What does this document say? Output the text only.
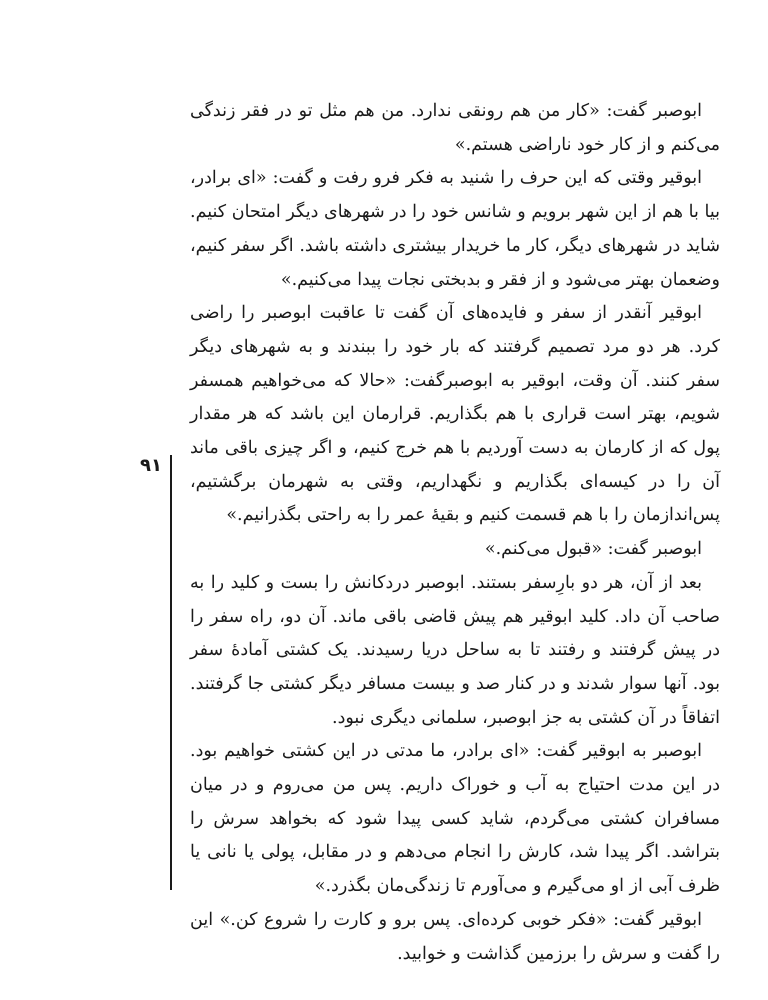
ابوصبر گفت: «کار من هم رونقی ندارد. من هم مثل تو در فقر زندگی می‌کنم و از کار خود ناراضی هستم.»

ابوقیر وقتی که این حرف را شنید به فکر فرو رفت و گفت: «ای برادر، بیا با هم از این شهر برویم و شانس خود را در شهرهای دیگر امتحان کنیم. شاید در شهرهای دیگر، کار ما خریدار بیشتری داشته باشد. اگر سفر کنیم، وضعمان بهتر می‌شود و از فقر و بدبختی نجات پیدا می‌کنیم.»

ابوقیر آنقدر از سفر و فایده‌های آن گفت تا عاقبت ابوصبر را راضی کرد. هر دو مرد تصمیم گرفتند که بار خود را ببندند و به شهرهای دیگر سفر کنند. آن وقت، ابوقیر به ابوصبرگفت: «حالا که می‌خواهیم همسفر شویم، بهتر است قراری با هم بگذاریم. قرارمان این باشد که هر مقدار پول که از کارمان به دست آوردیم با هم خرج کنیم، و اگر چیزی باقی ماند آن را در کیسه‌ای بگذاریم و نگهداریم، وقتی به شهرمان برگشتیم، پس‌اندازمان را با هم قسمت کنیم و بقیهٔ عمر را به راحتی بگذرانیم.»

ابوصبر گفت: «قبول می‌کنم.»

بعد از آن، هر دو بارِسفر بستند. ابوصبر دردکانش را بست و کلید را به صاحب آن داد. کلید ابوقیر هم پیش قاضی باقی ماند. آن دو، راه سفر را در پیش گرفتند و رفتند تا به ساحل دریا رسیدند. یک کشتی آمادهٔ سفر بود. آنها سوار شدند و در کنار صد و بیست مسافر دیگر کشتی جا گرفتند. اتفاقاً در آن کشتی به جز ابوصبر، سلمانی دیگری نبود.

ابوصبر به ابوقیر گفت: «ای برادر، ما مدتی در این کشتی خواهیم بود. در این مدت احتیاج به آب و خوراک داریم. پس من می‌روم و در میان مسافران کشتی می‌گردم، شاید کسی پیدا شود که بخواهد سرش را بتراشد. اگر پیدا شد، کارش را انجام می‌دهم و در مقابل، پولی یا نانی یا ظرف آبی از او می‌گیرم و می‌آورم تا زندگی‌مان بگذرد.»

ابوقیر گفت: «فکر خوبی کرده‌ای. پس برو و کارت را شروع کن.» این را گفت و سرش را برزمین گذاشت و خوابید.

۹۱
